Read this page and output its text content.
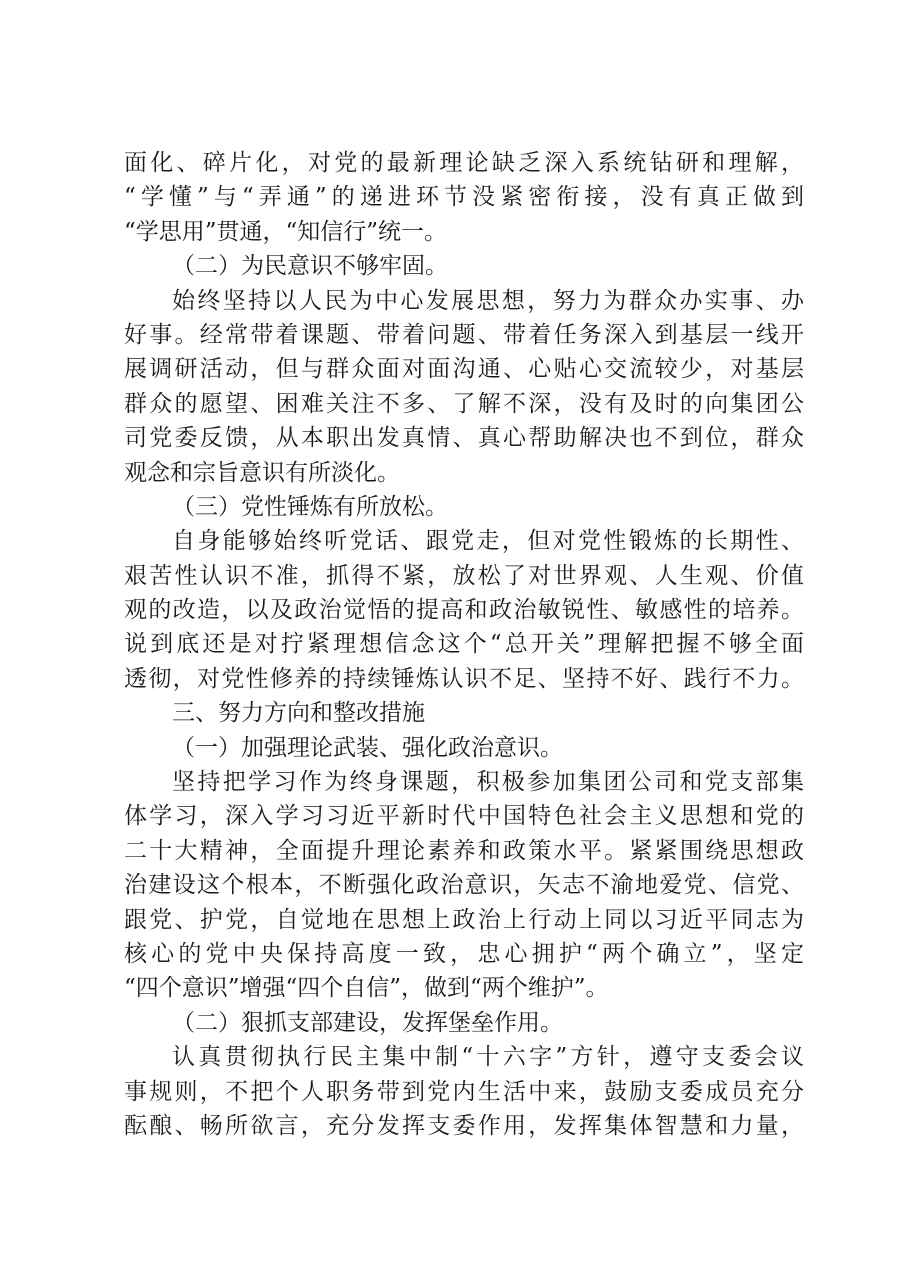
面化、碎片化，对党的最新理论缺乏深入系统钻研和理解，
“学懂”与“弄通”的递进环节没紧密衔接，没有真正做到
“学思用”贯通，“知信行”统一。
（二）为民意识不够牢固。
始终坚持以人民为中心发展思想，努力为群众办实事、办
好事。经常带着课题、带着问题、带着任务深入到基层一线开
展调研活动，但与群众面对面沟通、心贴心交流较少，对基层
群众的愿望、困难关注不多、了解不深，没有及时的向集团公
司党委反馈，从本职出发真情、真心帮助解决也不到位，群众
观念和宗旨意识有所淡化。
（三）党性锤炼有所放松。
自身能够始终听党话、跟党走，但对党性锻炼的长期性、
艰苦性认识不准，抓得不紧，放松了对世界观、人生观、价值
观的改造，以及政治觉悟的提高和政治敏锐性、敏感性的培养。
说到底还是对拧紧理想信念这个“总开关”理解把握不够全面
透彻，对党性修养的持续锤炼认识不足、坚持不好、践行不力。
三、努力方向和整改措施
（一）加强理论武装、强化政治意识。
坚持把学习作为终身课题，积极参加集团公司和党支部集
体学习，深入学习习近平新时代中国特色社会主义思想和党的
二十大精神，全面提升理论素养和政策水平。紧紧围绕思想政
治建设这个根本，不断强化政治意识，矢志不渝地爱党、信党、
跟党、护党，自觉地在思想上政治上行动上同以习近平同志为
核心的党中央保持高度一致，忠心拥护“两个确立”，坚定
“四个意识”增强“四个自信”，做到“两个维护”。
（二）狠抓支部建设，发挥堡垒作用。
认真贯彻执行民主集中制“十六字”方针，遵守支委会议
事规则，不把个人职务带到党内生活中来，鼓励支委成员充分
酝酿、畅所欲言，充分发挥支委作用，发挥集体智慧和力量，
